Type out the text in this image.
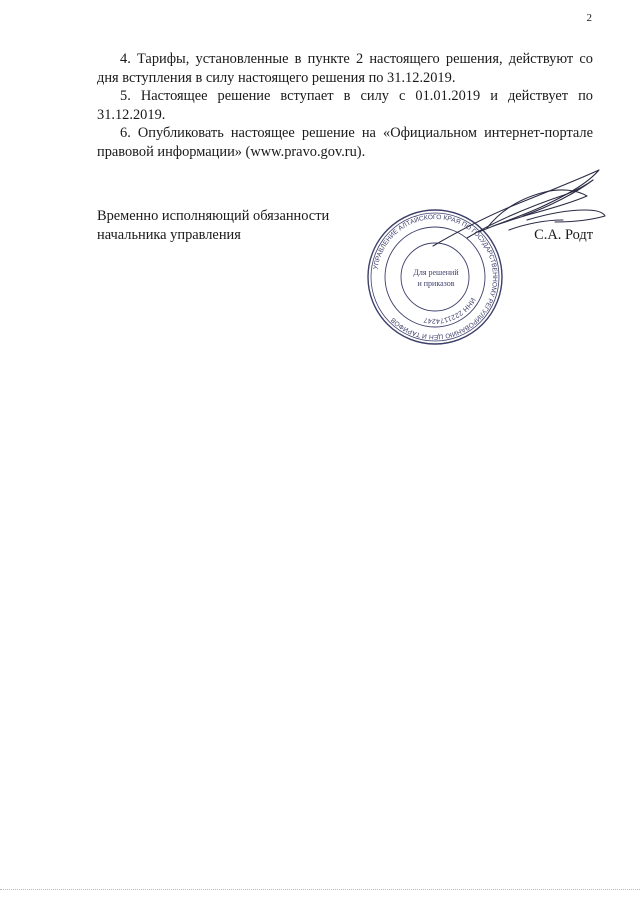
2

4. Тарифы, установленные в пункте 2 настоящего решения, действуют со дня вступления в силу настоящего решения по 31.12.2019.

5. Настоящее решение вступает в силу с 01.01.2019 и действует по 31.12.2019.

6. Опубликовать настоящее решение на «Официальном интернет-портале правовой информации» (www.pravo.gov.ru).

Временно исполняющий обязанности
начальника управления
УПРАВЛЕНИЕ АЛТАЙСКОГО КРАЯ ПО ГОСУДАРСТВЕННОМУ РЕГУЛИРОВАНИЮ ЦЕН И ТАРИФОВ
ИНН 2221174247
Для решений
и приказов
С.А. Родт
